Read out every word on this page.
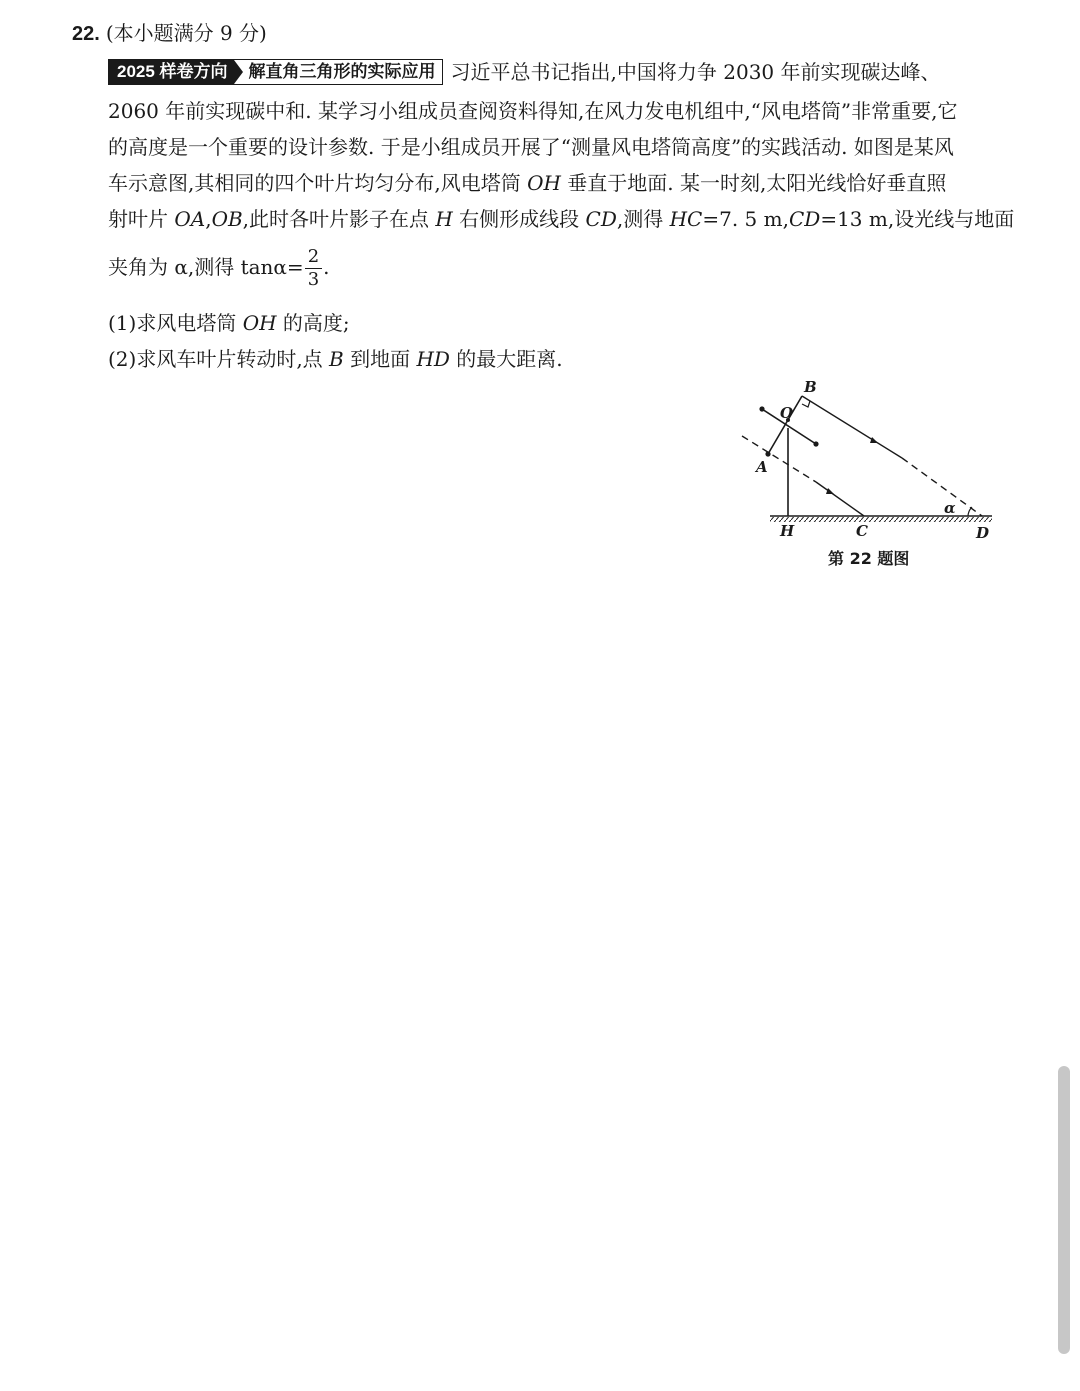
22. (本小题满分 9 分)
2025 样卷方向	解直角三角形的实际应用 习近平总书记指出,中国将力争 2030 年前实现碳达峰、
2060 年前实现碳中和. 某学习小组成员查阅资料得知,在风力发电机组中,“风电塔筒”非常重要,它
的高度是一个重要的设计参数. 于是小组成员开展了“测量风电塔筒高度”的实践活动. 如图是某风
车示意图,其相同的四个叶片均匀分布,风电塔筒 OH 垂直于地面. 某一时刻,太阳光线恰好垂直照
射叶片 OA,OB,此时各叶片影子在点 H 右侧形成线段 CD,测得 HC=7. 5 m,CD=13 m,设光线与地面
夹角为 α,测得 $\tan\alpha= \frac{2}{3}$ .
(1)求风电塔筒 OH 的高度;
(2)求风车叶片转动时,点 B 到地面 HD 的最大距离.
B
O
A
H	C	D
α
第 22 题图
